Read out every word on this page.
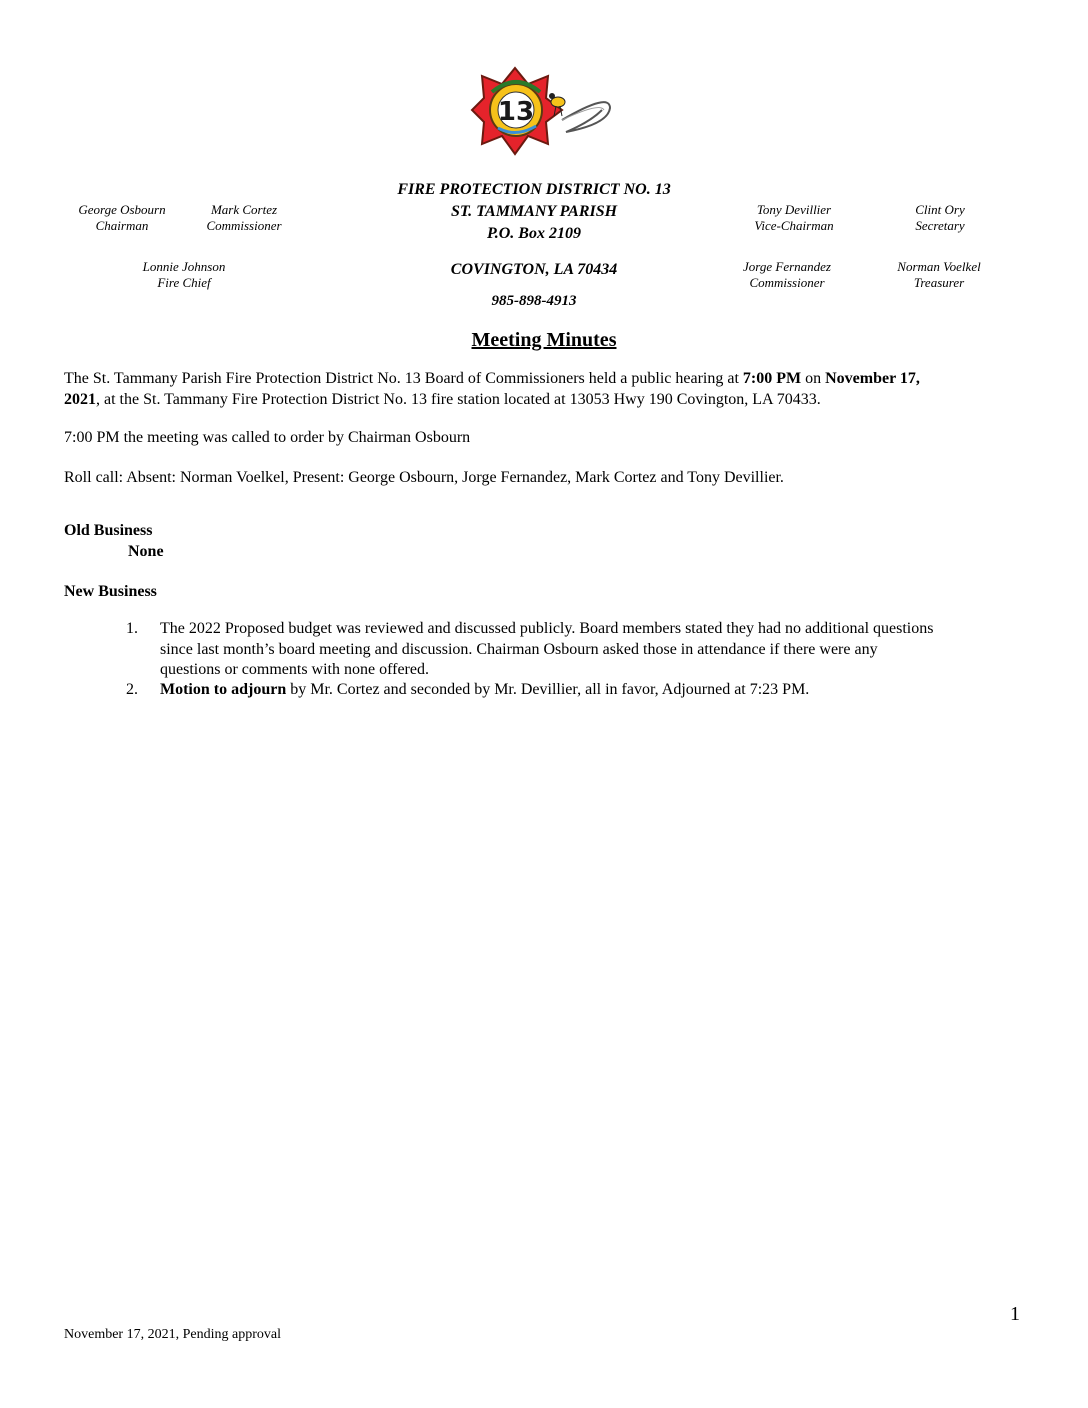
13
FIRE PROTECTION DISTRICT NO. 13
ST. TAMMANY PARISH
P.O. Box 2109
COVINGTON, LA 70434
985-898-4913
George Osbourn
Chairman
Mark Cortez
Commissioner
Tony Devillier
Vice-Chairman
Clint Ory
Secretary
Lonnie Johnson
Fire Chief
Jorge Fernandez
Commissioner
Norman Voelkel
Treasurer
Meeting Minutes
The St. Tammany Parish Fire Protection District No. 13 Board of Commissioners held a public hearing at 7:00 PM on November 17,
2021, at the St. Tammany Fire Protection District No. 13 fire station located at 13053 Hwy 190 Covington, LA 70433.
7:00 PM the meeting was called to order by Chairman Osbourn
Roll call: Absent: Norman Voelkel, Present: George Osbourn, Jorge Fernandez, Mark Cortez and Tony Devillier.
Old Business
None
New Business
1. The 2022 Proposed budget was reviewed and discussed publicly. Board members stated they had no additional questions
since last month’s board meeting and discussion. Chairman Osbourn asked those in attendance if there were any
questions or comments with none offered.
2. Motion to adjourn by Mr. Cortez and seconded by Mr. Devillier, all in favor, Adjourned at 7:23 PM.
1
November 17, 2021, Pending approval
